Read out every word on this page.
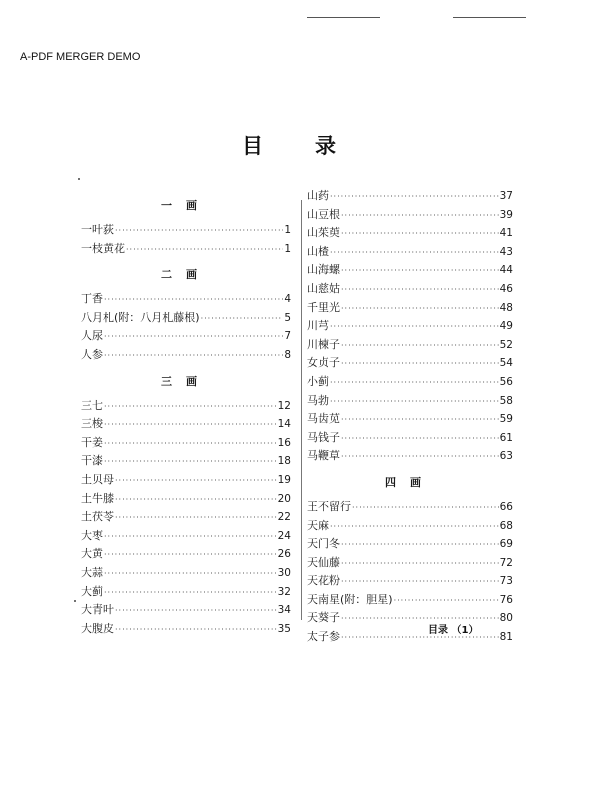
A-PDF MERGER DEMO
目录
一画
一叶荻 ·····	1
一枝黄花 ·····	1
二画
丁香 ·····	4
八月札(附：八月札藤根) ·····	5
人尿 ·····	7
人参 ·····	8
三画
三七 ·····	12
三梭 ·····	14
干姜 ·····	16
干漆 ·····	18
土贝母 ·····	19
土牛膝 ·····	20
土茯苓 ·····	22
大枣 ·····	24
大黄 ·····	26
大蒜 ·····	30
大蓟 ·····	32
大青叶 ·····	34
大腹皮 ·····	35
山药 ·····	37
山豆根 ·····	39
山茱萸 ·····	41
山楂 ·····	43
山海螺 ·····	44
山慈姑 ·····	46
千里光 ·····	48
川芎 ·····	49
川楝子 ·····	52
女贞子 ·····	54
小蓟 ·····	56
马勃 ·····	58
马齿苋 ·····	59
马钱子 ·····	61
马鞭草 ·····	63
四画
王不留行 ·····	66
天麻 ·····	68
天门冬 ·····	69
天仙藤 ·····	72
天花粉 ·····	73
天南星(附：胆星) ·····	76
天葵子 ·····	80
太子参 ·····	81
目录 （1）
